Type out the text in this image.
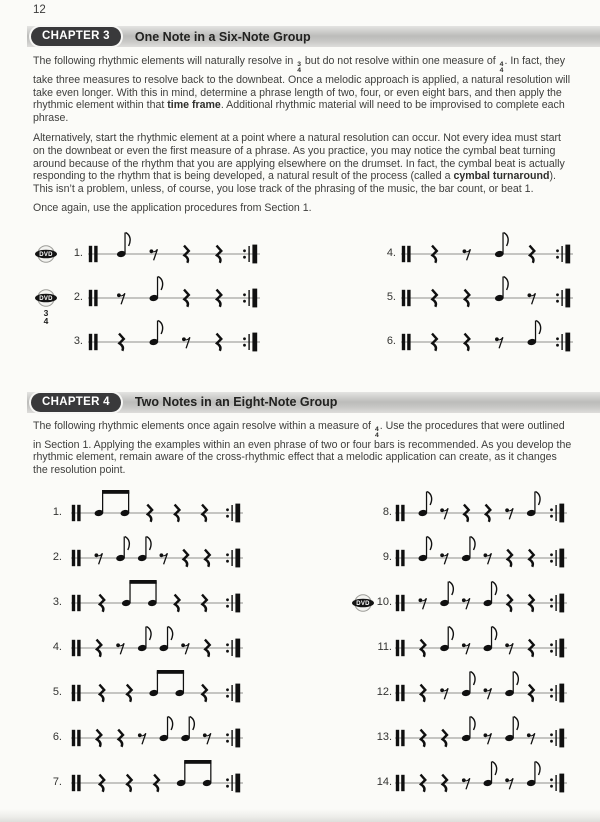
12
CHAPTER 3	One Note in a Six-Note Group

The following rhythmic elements will naturally resolve in 3
4
but do not resolve within one measure of 4
4
. In fact, they take three measures to resolve back to the downbeat. Once a melodic approach is applied, a natural resolution will take even longer. With this in mind, determine a phrase length of two, four, or even eight bars, and then apply the rhythmic element within that time frame. Additional rhythmic material will need to be improvised to complete each phrase.

Alternatively, start the rhythmic element at a point where a natural resolution can occur. Not every idea must start on the downbeat or even the first measure of a phrase. As you practice, you may notice the cymbal beat turning around because of the rhythm that you are applying elsewhere on the drumset. In fact, the cymbal beat is actually responding to the rhythm that is being developed, a natural result of the process (called a cymbal turnaround). This isn’t a problem, unless, of course, you lose track of the phrasing of the music, the bar count, or beat 1.

Once again, use the application procedures from Section 1.

DVD	1.
DVD
3
4
2.
3.
4.
5.
6.
CHAPTER 4	Two Notes in an Eight-Note Group

The following rhythmic elements once again resolve within a measure of 4
4
. Use the procedures that were outlined in Section 1. Applying the examples within an even phrase of two or four bars is recommended. As you develop the rhythmic element, remain aware of the cross-rhythmic effect that a melodic application can create, as it changes the resolution point.

1.
2.
3.
4.
5.
6.
7.
8.
9.
DVD 10.
11.
12.
13.
14.
